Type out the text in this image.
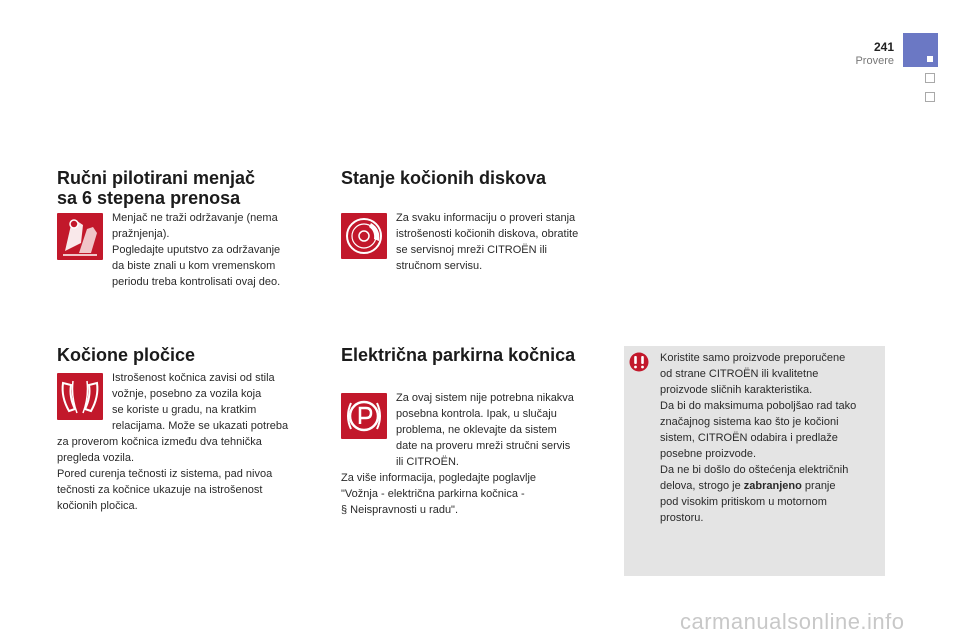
241
Provere
Ručni pilotirani menjač
sa 6 stepena prenosa
Menjač ne traži održavanje (nema
pražnjenja).
Pogledajte uputstvo za održavanje
da biste znali u kom vremenskom
periodu treba kontrolisati ovaj deo.
Kočione pločice
Istrošenost kočnica zavisi od stila
vožnje, posebno za vozila koja
se koriste u gradu, na kratkim
relacijama. Može se ukazati potreba
za proverom kočnica između dva tehnička
pregleda vozila.
Pored curenja tečnosti iz sistema, pad nivoa
tečnosti za kočnice ukazuje na istrošenost
kočionih pločica.
Stanje kočionih diskova
Za svaku informaciju o proveri stanja
istrošenosti kočionih diskova, obratite
se servisnoj mreži CITROËN ili
stručnom servisu.
Električna parkirna kočnica
Za ovaj sistem nije potrebna nikakva
posebna kontrola. Ipak, u slučaju
problema, ne oklevajte da sistem
date na proveru mreži stručni servis
ili CITROËN.
Za više informacija, pogledajte poglavlje
"Vožnja - električna parkirna kočnica -
§ Neispravnosti u radu".
Koristite samo proizvode preporučene
od strane CITROËN ili kvalitetne
proizvode sličnih karakteristika.
Da bi do maksimuma poboljšao rad tako
značajnog sistema kao što je kočioni
sistem, CITROËN odabira i predlaže
posebne proizvode.
Da ne bi došlo do oštećenja električnih
delova, strogo je zabranjeno pranje
pod visokim pritiskom u motornom
prostoru.
carmanualsonline.info
